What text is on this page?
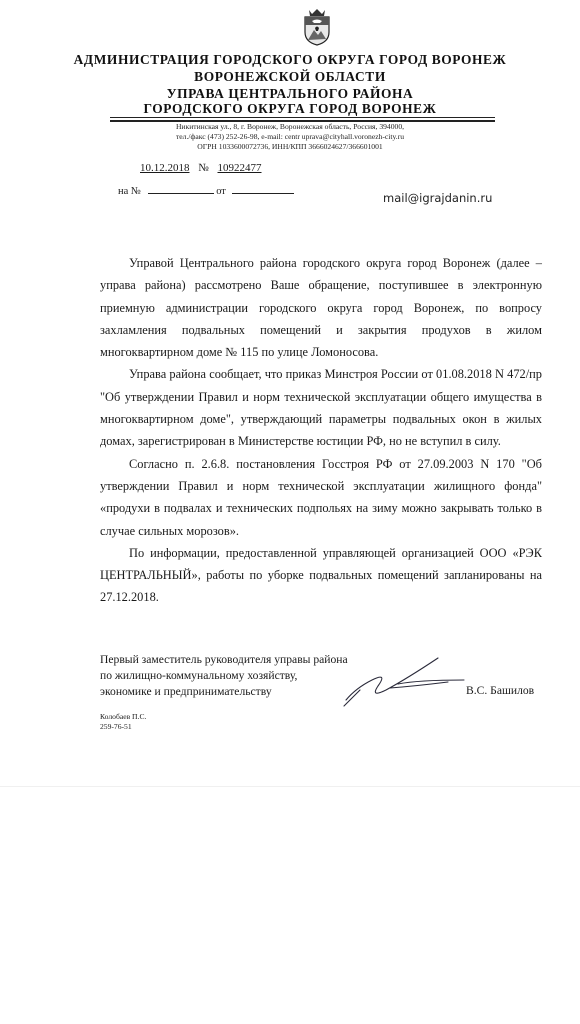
АДМИНИСТРАЦИЯ ГОРОДСКОГО ОКРУГА ГОРОД ВОРОНЕЖ
ВОРОНЕЖСКОЙ ОБЛАСТИ
УПРАВА ЦЕНТРАЛЬНОГО РАЙОНА
ГОРОДСКОГО ОКРУГА ГОРОД ВОРОНЕЖ
Никитинская ул., 8, г. Воронеж, Воронежская область, Россия, 394000,
тел./факс (473) 252-26-98, e-mail: centr uprava@cityhall.voronezh-city.ru
ОГРН 1033600072736, ИНН/КПП 3666024627/366601001
10.12.2018 № 10922477
на №	от	mail@igrajdanin.ru

Управой Центрального района городского округа город Воронеж (далее – управа района) рассмотрено Ваше обращение, поступившее в электронную приемную администрации городского округа город Воронеж, по вопросу захламления подвальных помещений и закрытия продухов в жилом многоквартирном доме № 115 по улице Ломоносова.

Управа района сообщает, что приказ Минстроя России от 01.08.2018 N 472/пр "Об утверждении Правил и норм технической эксплуатации общего имущества в многоквартирном доме", утверждающий параметры подвальных окон в жилых домах, зарегистрирован в Министерстве юстиции РФ, но не вступил в силу.

Согласно п. 2.6.8. постановления Госстроя РФ от 27.09.2003 N 170 "Об утверждении Правил и норм технической эксплуатации жилищного фонда" «продухи в подвалах и технических подпольях на зиму можно закрывать только в случае сильных морозов».

По информации, предоставленной управляющей организацией ООО «РЭК ЦЕНТРАЛЬНЫЙ», работы по уборке подвальных помещений запланированы на 27.12.2018.

Первый заместитель руководителя управы района
по жилищно-коммунальному хозяйству,
экономике и предпринимательству	В.С. Башилов
Колобаев П.С.
259-76-51
